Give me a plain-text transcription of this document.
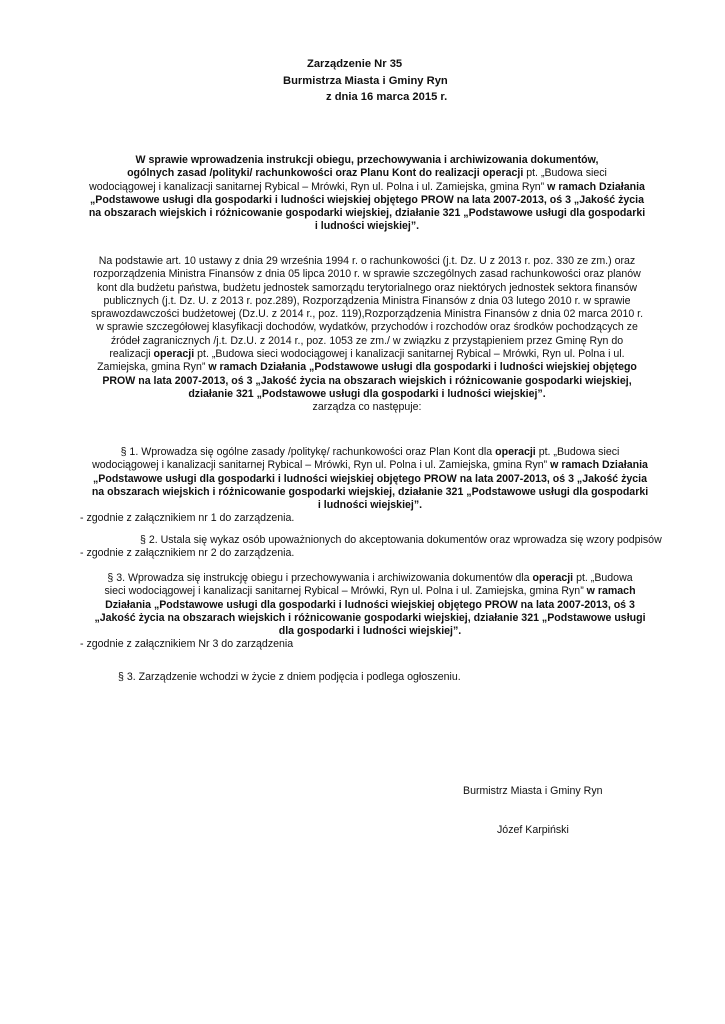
Zarządzenie Nr 35
Burmistrza Miasta i Gminy Ryn
z dnia 16 marca 2015 r.
W sprawie wprowadzenia instrukcji obiegu, przechowywania i archiwizowania dokumentów,
ogólnych zasad /polityki/ rachunkowości oraz Planu Kont do realizacji operacji pt. „Budowa sieci
wodociągowej i kanalizacji sanitarnej Rybical – Mrówki, Ryn ul. Polna i ul. Zamiejska, gmina Ryn” w ramach Działania
„Podstawowe usługi dla gospodarki i ludności wiejskiej objętego PROW na lata 2007-2013, oś 3 „Jakość życia
na obszarach wiejskich i różnicowanie gospodarki wiejskiej, działanie 321 „Podstawowe usługi dla gospodarki
i ludności wiejskiej”.
Na podstawie art. 10 ustawy z dnia 29 września 1994 r. o rachunkowości (j.t. Dz. U z 2013 r. poz. 330 ze zm.) oraz
rozporządzenia Ministra Finansów z dnia 05 lipca 2010 r. w sprawie szczególnych zasad rachunkowości oraz planów
kont dla budżetu państwa, budżetu jednostek samorządu terytorialnego oraz niektórych jednostek sektora finansów
publicznych (j.t. Dz. U. z 2013 r. poz.289), Rozporządzenia Ministra Finansów z dnia 03 lutego 2010 r. w sprawie
sprawozdawczości budżetowej (Dz.U. z 2014 r., poz. 119),Rozporządzenia Ministra Finansów z dnia 02 marca 2010 r.
w sprawie szczegółowej klasyfikacji dochodów, wydatków, przychodów i rozchodów oraz środków pochodzących ze
źródeł zagranicznych /j.t. Dz.U. z 2014 r., poz. 1053 ze zm./ w związku z przystąpieniem przez Gminę Ryn do
realizacji operacji pt. „Budowa sieci wodociągowej i kanalizacji sanitarnej Rybical – Mrówki, Ryn ul. Polna i ul.
Zamiejska, gmina Ryn” w ramach Działania „Podstawowe usługi dla gospodarki i ludności wiejskiej objętego
PROW na lata 2007-2013, oś 3 „Jakość życia na obszarach wiejskich i różnicowanie gospodarki wiejskiej,
działanie 321 „Podstawowe usługi dla gospodarki i ludności wiejskiej”.
zarządza co następuje:
§ 1. Wprowadza się ogólne zasady /politykę/ rachunkowości oraz Plan Kont dla operacji pt. „Budowa sieci
wodociągowej i kanalizacji sanitarnej Rybical – Mrówki, Ryn ul. Polna i ul. Zamiejska, gmina Ryn” w ramach Działania
„Podstawowe usługi dla gospodarki i ludności wiejskiej objętego PROW na lata 2007-2013, oś 3 „Jakość życia
na obszarach wiejskich i różnicowanie gospodarki wiejskiej, działanie 321 „Podstawowe usługi dla gospodarki
i ludności wiejskiej”.
- zgodnie z załącznikiem nr 1 do zarządzenia.
§ 2. Ustala się wykaz osób upoważnionych do akceptowania dokumentów oraz wprowadza się wzory podpisów
- zgodnie z załącznikiem nr 2 do zarządzenia.
§ 3. Wprowadza się instrukcję obiegu i przechowywania i archiwizowania dokumentów dla operacji pt. „Budowa
sieci wodociągowej i kanalizacji sanitarnej Rybical – Mrówki, Ryn ul. Polna i ul. Zamiejska, gmina Ryn” w ramach
Działania „Podstawowe usługi dla gospodarki i ludności wiejskiej objętego PROW na lata 2007-2013, oś 3
„Jakość życia na obszarach wiejskich i różnicowanie gospodarki wiejskiej, działanie 321 „Podstawowe usługi
dla gospodarki i ludności wiejskiej”.
- zgodnie z załącznikiem Nr 3 do zarządzenia
§ 3. Zarządzenie wchodzi w życie z dniem podjęcia i podlega ogłoszeniu.
Burmistrz Miasta i Gminy Ryn
Józef Karpiński
